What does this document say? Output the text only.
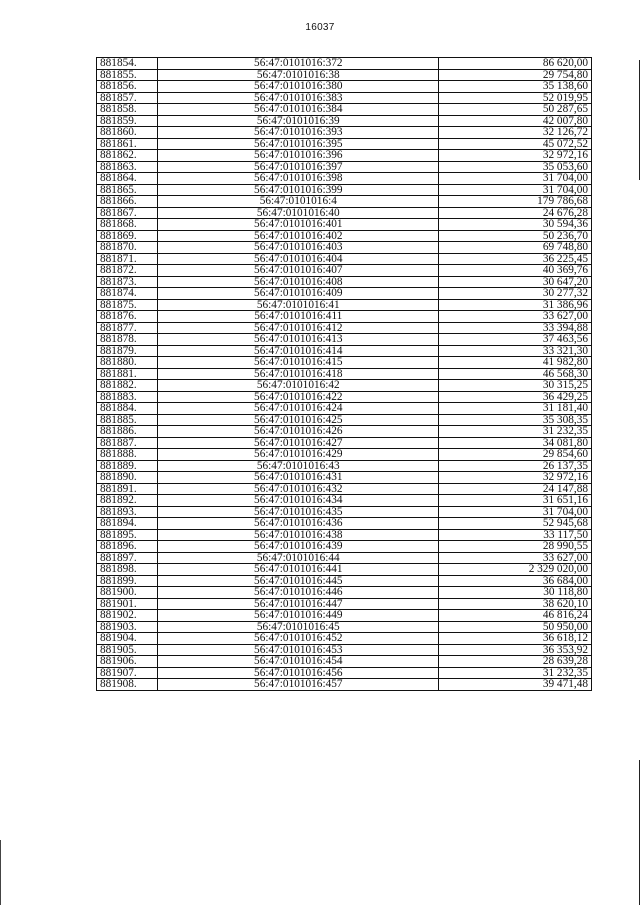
16037
881854.	56:47:0101016:372	86 620,00
881855.	56:47:0101016:38	29 754,80
881856.	56:47:0101016:380	35 138,60
881857.	56:47:0101016:383	52 019,95
881858.	56:47:0101016:384	50 287,65
881859.	56:47:0101016:39	42 007,80
881860.	56:47:0101016:393	32 126,72
881861.	56:47:0101016:395	45 072,52
881862.	56:47:0101016:396	32 972,16
881863.	56:47:0101016:397	35 053,60
881864.	56:47:0101016:398	31 704,00
881865.	56:47:0101016:399	31 704,00
881866.	56:47:0101016:4	179 786,68
881867.	56:47:0101016:40	24 676,28
881868.	56:47:0101016:401	30 594,36
881869.	56:47:0101016:402	50 236,70
881870.	56:47:0101016:403	69 748,80
881871.	56:47:0101016:404	36 225,45
881872.	56:47:0101016:407	40 369,76
881873.	56:47:0101016:408	30 647,20
881874.	56:47:0101016:409	30 277,32
881875.	56:47:0101016:41	31 386,96
881876.	56:47:0101016:411	33 627,00
881877.	56:47:0101016:412	33 394,88
881878.	56:47:0101016:413	37 463,56
881879.	56:47:0101016:414	33 321,30
881880.	56:47:0101016:415	41 982,80
881881.	56:47:0101016:418	46 568,30
881882.	56:47:0101016:42	30 315,25
881883.	56:47:0101016:422	36 429,25
881884.	56:47:0101016:424	31 181,40
881885.	56:47:0101016:425	35 308,35
881886.	56:47:0101016:426	31 232,35
881887.	56:47:0101016:427	34 081,80
881888.	56:47:0101016:429	29 854,60
881889.	56:47:0101016:43	26 137,35
881890.	56:47:0101016:431	32 972,16
881891.	56:47:0101016:432	24 147,88
881892.	56:47:0101016:434	31 651,16
881893.	56:47:0101016:435	31 704,00
881894.	56:47:0101016:436	52 945,68
881895.	56:47:0101016:438	33 117,50
881896.	56:47:0101016:439	28 990,55
881897.	56:47:0101016:44	33 627,00
881898.	56:47:0101016:441	2 329 020,00
881899.	56:47:0101016:445	36 684,00
881900.	56:47:0101016:446	30 118,80
881901.	56:47:0101016:447	38 620,10
881902.	56:47:0101016:449	46 816,24
881903.	56:47:0101016:45	50 950,00
881904.	56:47:0101016:452	36 618,12
881905.	56:47:0101016:453	36 353,92
881906.	56:47:0101016:454	28 639,28
881907.	56:47:0101016:456	31 232,35
881908.	56:47:0101016:457	39 471,48
